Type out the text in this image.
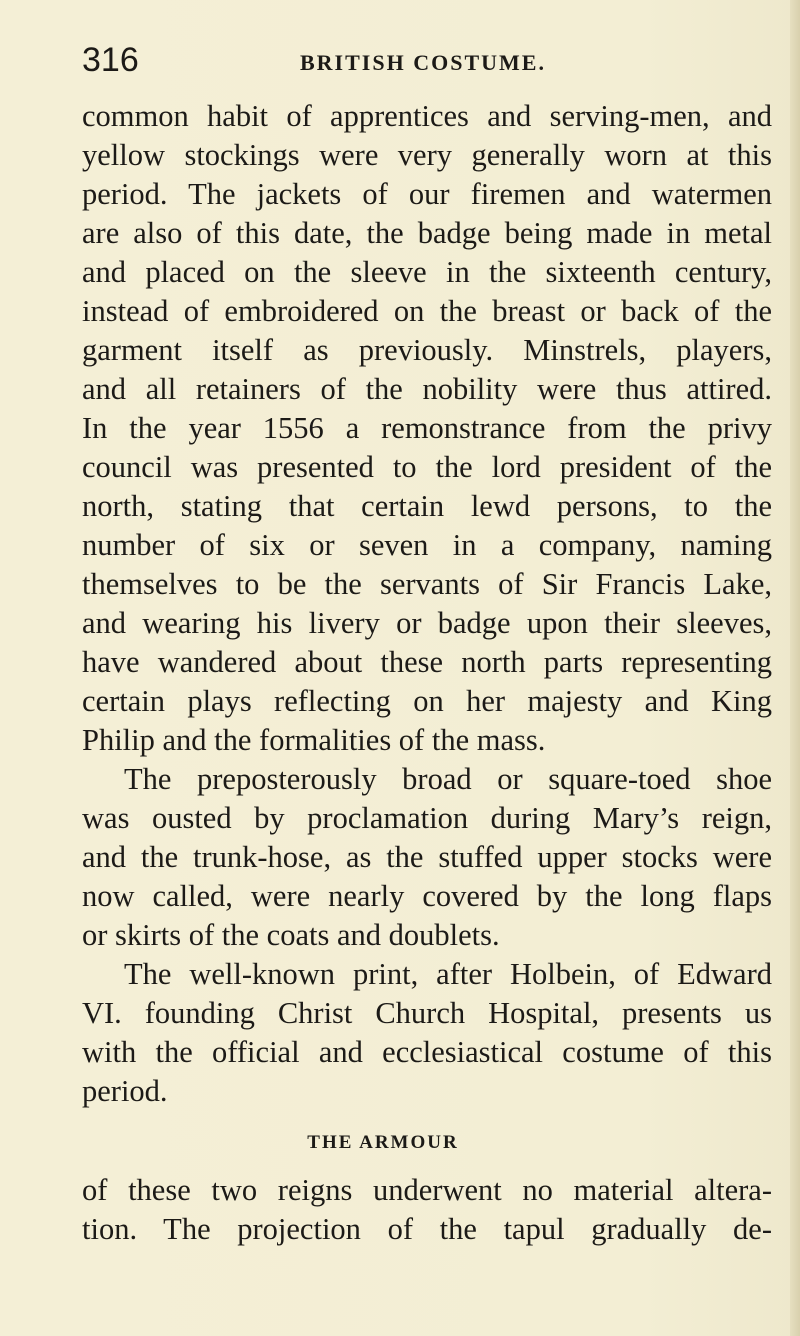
316	BRITISH COSTUME.
common habit of apprentices and serving-men, and
yellow stockings were very generally worn at this
period. The jackets of our firemen and watermen
are also of this date, the badge being made in metal
and placed on the sleeve in the sixteenth century,
instead of embroidered on the breast or back of the
garment itself as previously. Minstrels, players,
and all retainers of the nobility were thus attired.
In the year 1556 a remonstrance from the privy
council was presented to the lord president of the
north, stating that certain lewd persons, to the
number of six or seven in a company, naming
themselves to be the servants of Sir Francis Lake,
and wearing his livery or badge upon their sleeves,
have wandered about these north parts representing
certain plays reflecting on her majesty and King
Philip and the formalities of the mass.
The preposterously broad or square-toed shoe
was ousted by proclamation during Mary’s reign,
and the trunk-hose, as the stuffed upper stocks were
now called, were nearly covered by the long flaps
or skirts of the coats and doublets.
The well-known print, after Holbein, of Edward
VI. founding Christ Church Hospital, presents us
with the official and ecclesiastical costume of this
period.
THE ARMOUR
of these two reigns underwent no material altera-
tion. The projection of the tapul gradually de-
